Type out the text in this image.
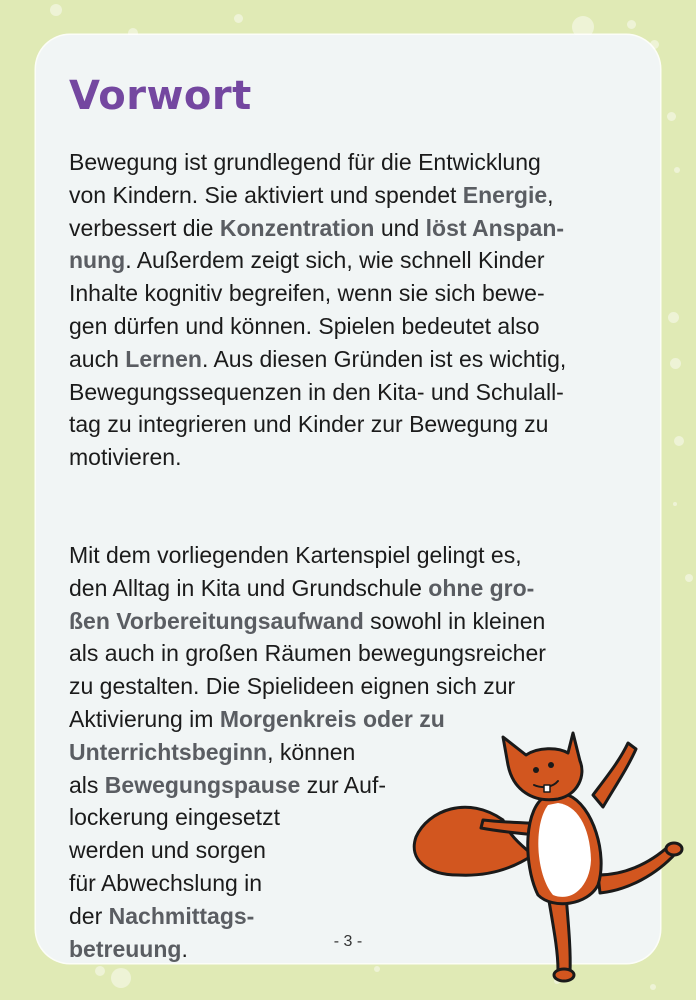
Vorwort

Bewegung ist grundlegend für die Entwicklung
von Kindern. Sie aktiviert und spendet Energie,
verbessert die Konzentration und löst Anspan-
nung. Außerdem zeigt sich, wie schnell Kinder
Inhalte kognitiv begreifen, wenn sie sich bewe-
gen dürfen und können. Spielen bedeutet also
auch Lernen. Aus diesen Gründen ist es wichtig,
Bewegungssequenzen in den Kita- und Schulall-
tag zu integrieren und Kinder zur Bewegung zu
motivieren.

Mit dem vorliegenden Kartenspiel gelingt es,
den Alltag in Kita und Grundschule ohne gro-
ßen Vorbereitungsaufwand sowohl in kleinen
als auch in großen Räumen bewegungsreicher
zu gestalten. Die Spielideen eignen sich zur
Aktivierung im Morgenkreis oder zu
Unterrichtsbeginn, können
als Bewegungspause zur Auf-
lockerung eingesetzt
werden und sorgen
für Abwechslung in
der Nachmittags-
betreuung.	- 3 -
